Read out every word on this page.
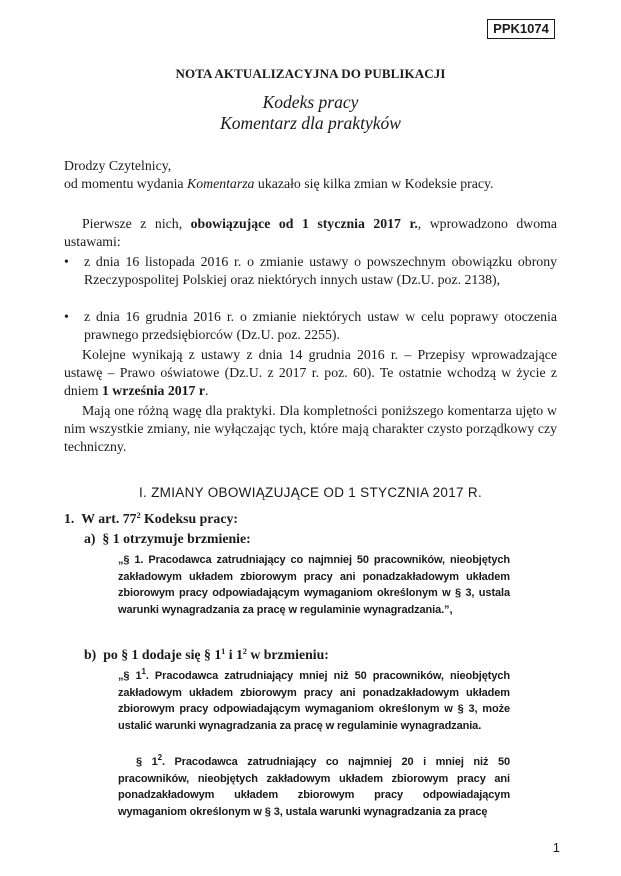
PPK1074

NOTA AKTUALIZACYJNA DO PUBLIKACJI

Kodeks pracy

Komentarz dla praktyków

Drodzy Czytelnicy,

od momentu wydania Komentarza ukazało się kilka zmian w Kodeksie pracy.

Pierwsze z nich, obowiązujące od 1 stycznia 2017 r., wprowadzono dwoma ustawami:

• z dnia 16 listopada 2016 r. o zmianie ustawy o powszechnym obowiązku obrony Rzeczypospolitej Polskiej oraz niektórych innych ustaw (Dz.U. poz. 2138),
• z dnia 16 grudnia 2016 r. o zmianie niektórych ustaw w celu poprawy otoczenia prawnego przedsiębiorców (Dz.U. poz. 2255).

Kolejne wynikają z ustawy z dnia 14 grudnia 2016 r. – Przepisy wprowadzające ustawę – Prawo oświatowe (Dz.U. z 2017 r. poz. 60). Te ostatnie wchodzą w życie z dniem 1 września 2017 r.

Mają one różną wagę dla praktyki. Dla kompletności poniższego komentarza ujęto w nim wszystkie zmiany, nie wyłączając tych, które mają charakter czysto porządkowy czy techniczny.

I. ZMIANY OBOWIĄZUJĄCE OD 1 STYCZNIA 2017 R.

1. W art. $77^2$ Kodeksu pracy:

a) § 1 otrzymuje brzmienie:

„§ 1. Pracodawca zatrudniający co najmniej 50 pracowników, nieobjętych zakładowym układem zbiorowym pracy ani ponadzakładowym układem zbiorowym pracy odpowiadającym wymaganiom określonym w § 3, ustala warunki wynagradzania za pracę w regulaminie wynagradzania.”,

b) po § 1 dodaje się § $1^1$ i $1^2$ w brzmieniu:

„§ $1^1$. Pracodawca zatrudniający mniej niż 50 pracowników, nieobjętych zakładowym układem zbiorowym pracy ani ponadzakładowym układem zbiorowym pracy odpowiadającym wymaganiom określonym w § 3, może ustalić warunki wynagradzania za pracę w regulaminie wynagradzania.

§ $1^2$. Pracodawca zatrudniający co najmniej 20 i mniej niż 50 pracowników, nieobjętych zakładowym układem zbiorowym pracy ani ponadzakładowym układem zbiorowym pracy odpowiadającym wymaganiom określonym w § 3, ustala warunki wynagradzania za pracę

1
